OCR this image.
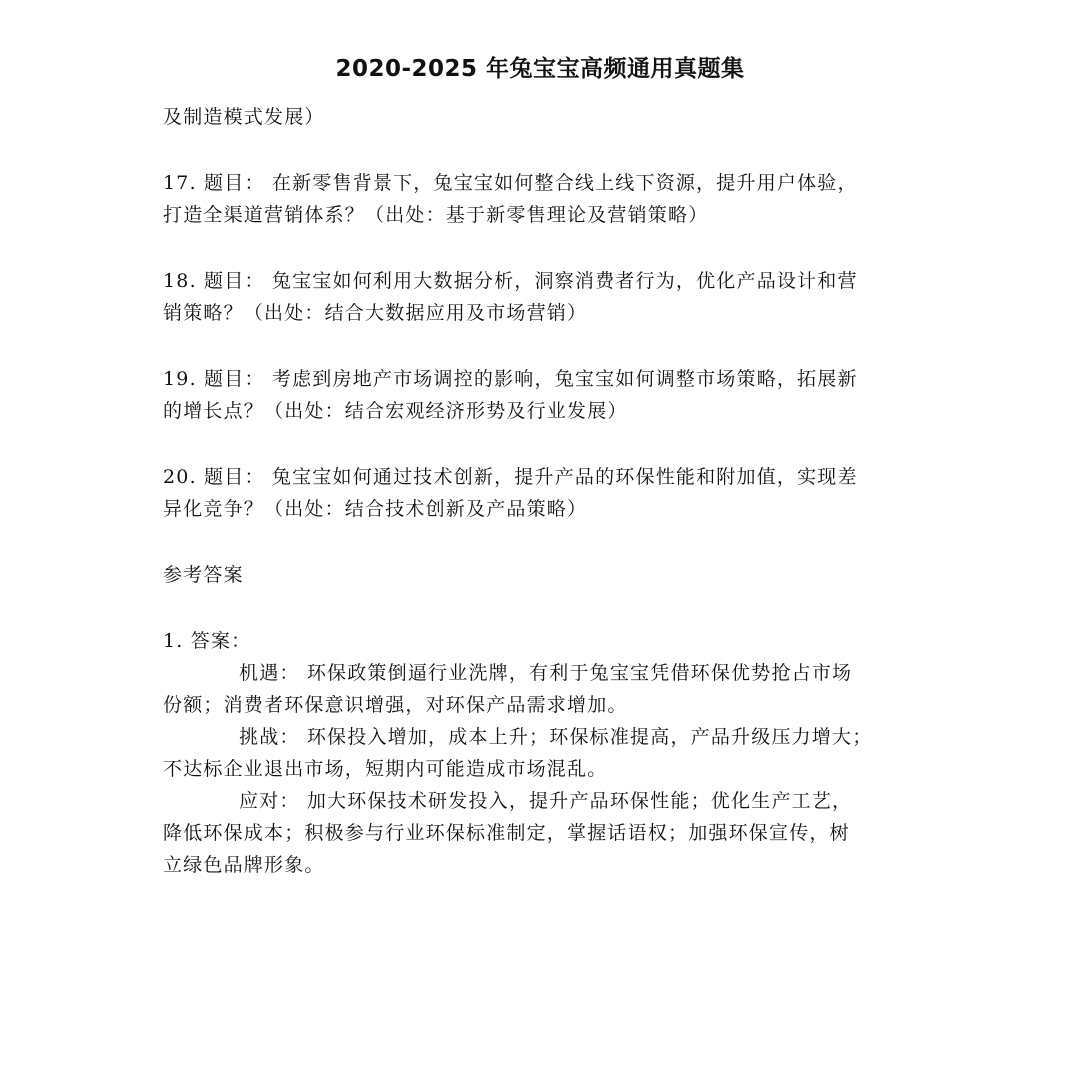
2020-2025 年兔宝宝高频通用真题集
及制造模式发展）
17. 题目： 在新零售背景下，兔宝宝如何整合线上线下资源，提升用户体验，
打造全渠道营销体系？（出处：基于新零售理论及营销策略）
18. 题目： 兔宝宝如何利用大数据分析，洞察消费者行为，优化产品设计和营
销策略？（出处：结合大数据应用及市场营销）
19. 题目： 考虑到房地产市场调控的影响，兔宝宝如何调整市场策略，拓展新
的增长点？（出处：结合宏观经济形势及行业发展）
20. 题目： 兔宝宝如何通过技术创新，提升产品的环保性能和附加值，实现差
异化竞争？（出处：结合技术创新及产品策略）
参考答案
1. 答案：
机遇： 环保政策倒逼行业洗牌，有利于兔宝宝凭借环保优势抢占市场
份额；消费者环保意识增强，对环保产品需求增加。
挑战： 环保投入增加，成本上升；环保标准提高，产品升级压力增大；
不达标企业退出市场，短期内可能造成市场混乱。
应对： 加大环保技术研发投入，提升产品环保性能；优化生产工艺，
降低环保成本；积极参与行业环保标准制定，掌握话语权；加强环保宣传，树
立绿色品牌形象。
